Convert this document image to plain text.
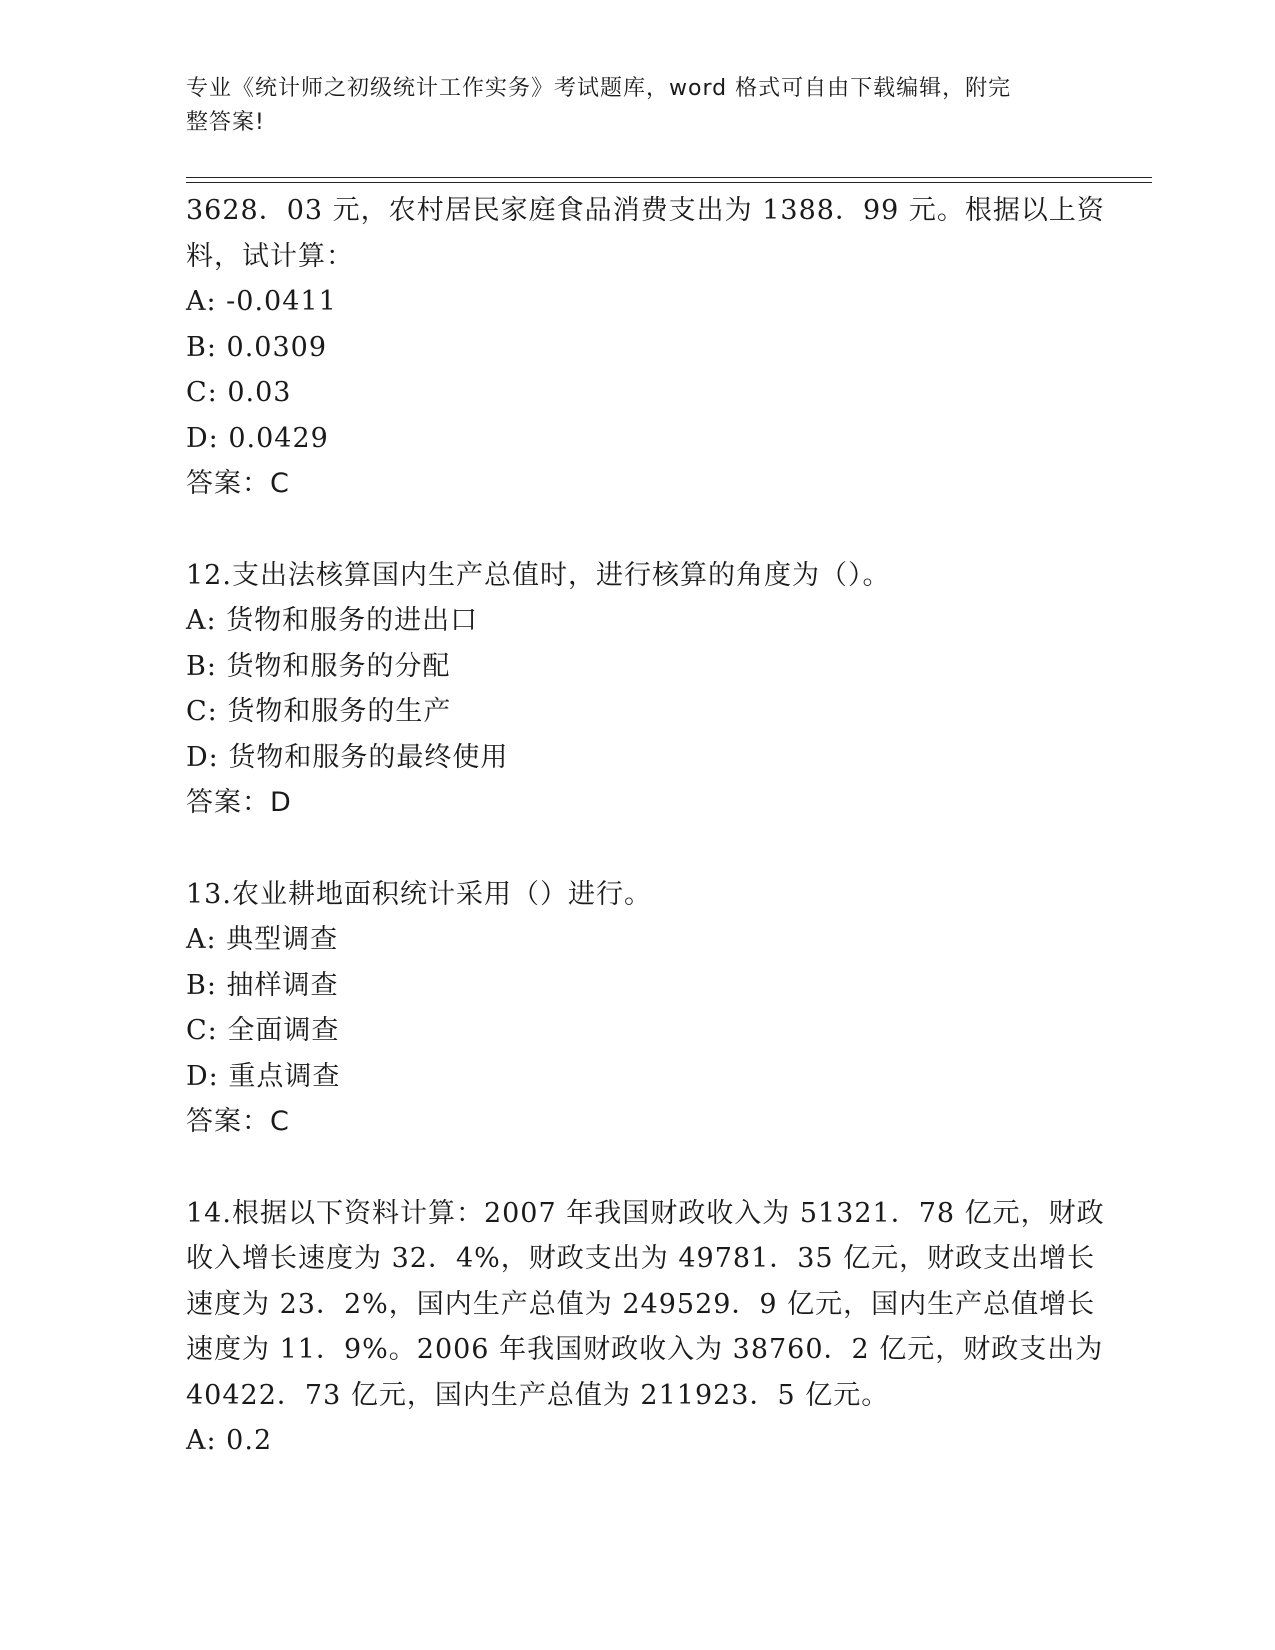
专业《统计师之初级统计工作实务》考试题库，word 格式可自由下载编辑，附完
整答案!
3628．03 元，农村居民家庭食品消费支出为 1388．99 元。根据以上资
料，试计算：
A: -0.0411
B: 0.0309
C: 0.03
D: 0.0429
答案：C
12.支出法核算国内生产总值时，进行核算的角度为（）。
A: 货物和服务的进出口
B: 货物和服务的分配
C: 货物和服务的生产
D: 货物和服务的最终使用
答案：D
13.农业耕地面积统计采用（）进行。
A: 典型调查
B: 抽样调查
C: 全面调查
D: 重点调查
答案：C
14.根据以下资料计算：2007 年我国财政收入为 51321．78 亿元，财政
收入增长速度为 32．4%，财政支出为 49781．35 亿元，财政支出增长
速度为 23．2%，国内生产总值为 249529．9 亿元，国内生产总值增长
速度为 11．9%。2006 年我国财政收入为 38760．2 亿元，财政支出为
40422．73 亿元，国内生产总值为 211923．5 亿元。
A: 0.2
